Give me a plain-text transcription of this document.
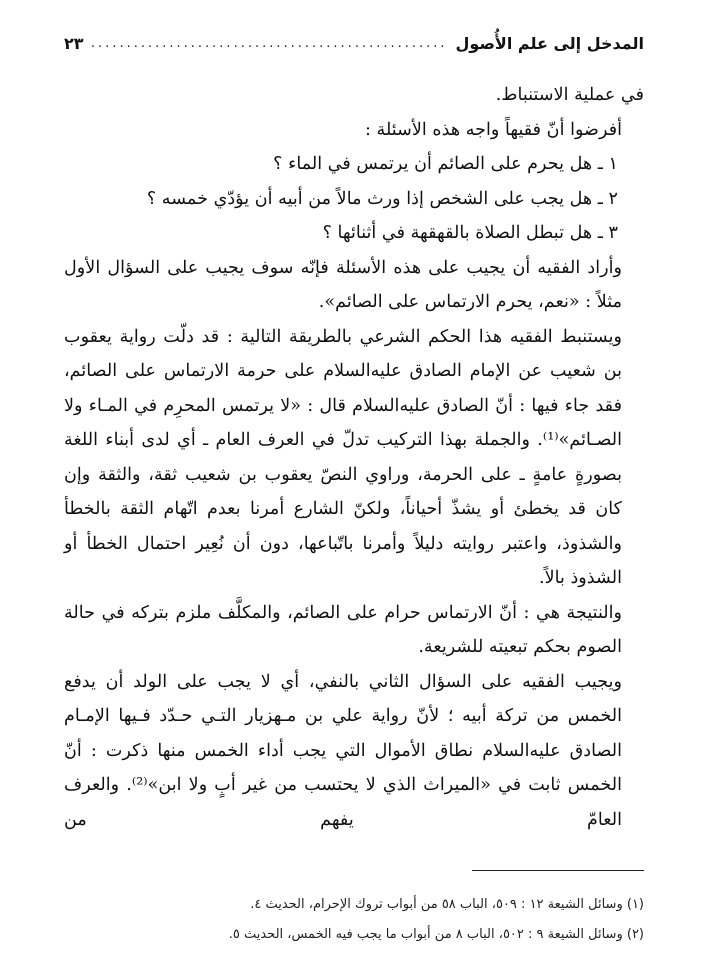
المدخل إلى علم الأُصول
.....
٢٣

في عملية الاستنباط.

أفرضوا أنّ فقيهاً واجه هذه الأسئلة :

١ ـ هل يحرم على الصائم أن يرتمس في الماء ؟

٢ ـ هل يجب على الشخص إذا ورث مالاً من أبيه أن يؤدّي خمسه ؟

٣ ـ هل تبطل الصلاة بالقهقهة في أثنائها ؟

وأراد الفقيه أن يجيب على هذه الأسئلة فإنّه سوف يجيب على السؤال الأول مثلاً : «نعم، يحرم الارتماس على الصائم».

ويستنبط الفقيه هذا الحكم الشرعي بالطريقة التالية : قد دلّت رواية يعقوب بن شعيب عن الإمام الصادق عليه‌السلام على حرمة الارتماس على الصائم، فقد جاء فيها : أنّ الصادق عليه‌السلام قال : «لا يرتمس المحرِم في المـاء ولا الصـائم»⁽¹⁾. والجملة بهذا التركيب تدلّ في العرف العام ـ أي لدى أبناء اللغة بصورةٍ عامةٍ ـ على الحرمة، وراوي النصّ يعقوب بن شعيب ثقة، والثقة وإن كان قد يخطئ أو يشذّ أحياناً، ولكنّ الشارع أمرنا بعدم اتّهام الثقة بالخطأ والشذوذ، واعتبر روايته دليلاً وأمرنا باتّباعها، دون أن نُعِير احتمال الخطأ أو الشذوذ بالاً.

والنتيجة هي : أنّ الارتماس حرام على الصائم، والمكلَّف ملزم بتركه في حالة الصوم بحكم تبعيته للشريعة.

ويجيب الفقيه على السؤال الثاني بالنفي، أي لا يجب على الولد أن يدفع الخمس من تركة أبيه ؛ لأنّ رواية علي بن مـهزيار التـي حـدّد فـيها الإمـام الصادق عليه‌السلام نطاق الأموال التي يجب أداء الخمس منها ذكرت : أنّ الخمس ثابت في «الميراث الذي لا يحتسب من غير أبٍ ولا ابن»⁽²⁾. والعرف العامّ يفهم من

(١) وسائل الشيعة ١٢ : ٥٠٩، الباب ٥٨ من أبواب تروك الإحرام، الحديث ٤.

(٢) وسائل الشيعة ٩ : ٥٠٢، الباب ٨ من أبواب ما يجب فيه الخمس، الحديث ٥.
